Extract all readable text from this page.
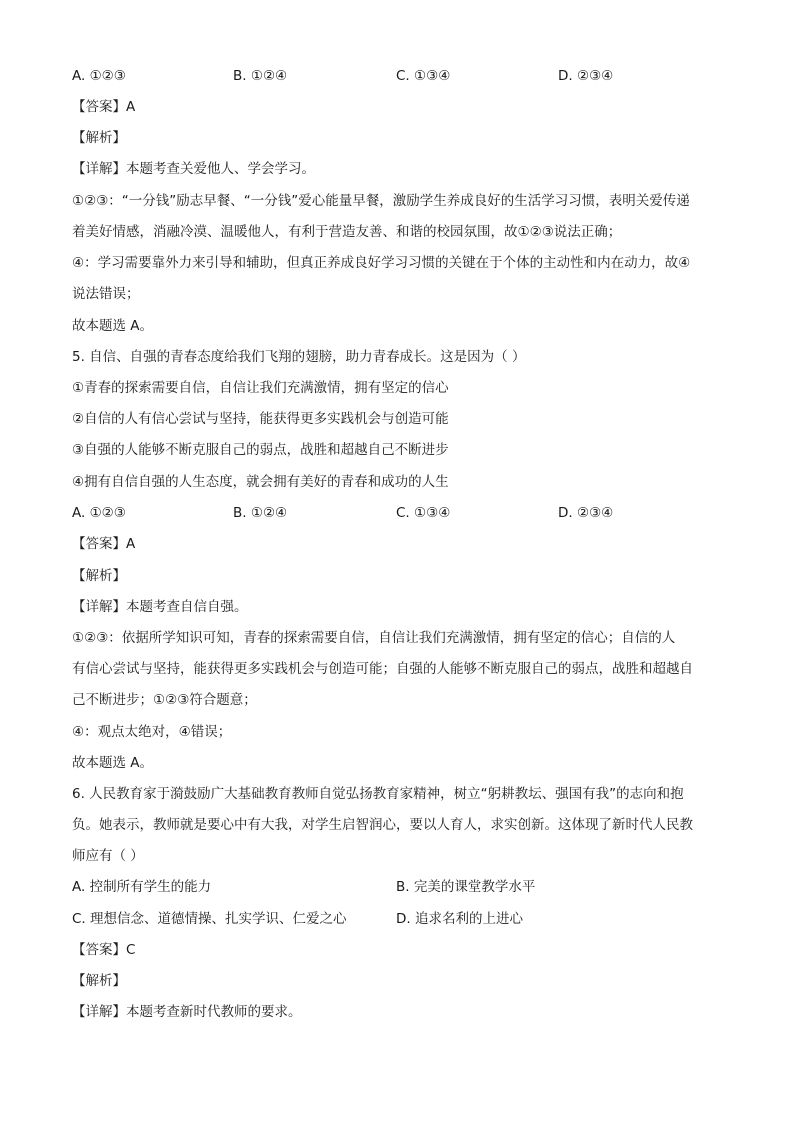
A. ①②③	B. ①②④	C. ①③④	D. ②③④
【答案】A
【解析】
【详解】本题考查关爱他人、学会学习。
①②③：“一分钱”励志早餐、“一分钱”爱心能量早餐，激励学生养成良好的生活学习习惯，表明关爱传递
着美好情感，消融冷漠、温暖他人，有利于营造友善、和谐的校园氛围，故①②③说法正确；
④：学习需要靠外力来引导和辅助，但真正养成良好学习习惯的关键在于个体的主动性和内在动力，故④
说法错误；
故本题选 A。
5. 自信、自强的青春态度给我们飞翔的翅膀，助力青春成长。这是因为（ ）
①青春的探索需要自信，自信让我们充满激情，拥有坚定的信心
②自信的人有信心尝试与坚持，能获得更多实践机会与创造可能
③自强的人能够不断克服自己的弱点，战胜和超越自己不断进步
④拥有自信自强的人生态度，就会拥有美好的青春和成功的人生
A. ①②③	B. ①②④	C. ①③④	D. ②③④
【答案】A
【解析】
【详解】本题考查自信自强。
①②③：依据所学知识可知，青春的探索需要自信，自信让我们充满激情，拥有坚定的信心；自信的人
有信心尝试与坚持，能获得更多实践机会与创造可能；自强的人能够不断克服自己的弱点，战胜和超越自
己不断进步；①②③符合题意；
④：观点太绝对，④错误；
故本题选 A。
6. 人民教育家于漪鼓励广大基础教育教师自觉弘扬教育家精神，树立“躬耕教坛、强国有我”的志向和抱
负。她表示，教师就是要心中有大我，对学生启智润心，要以人育人，求实创新。这体现了新时代人民教
师应有（ ）
A. 控制所有学生的能力	B. 完美的课堂教学水平
C. 理想信念、道德情操、扎实学识、仁爱之心	D. 追求名利的上进心
【答案】C
【解析】
【详解】本题考查新时代教师的要求。
